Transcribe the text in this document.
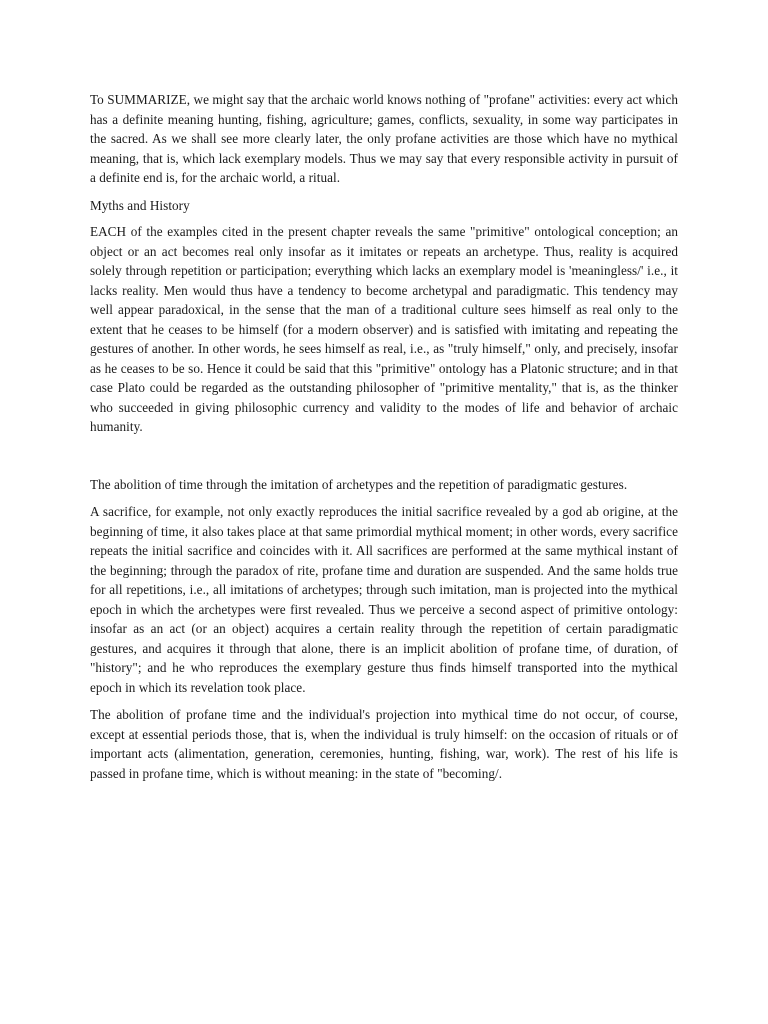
To SUMMARIZE, we might say that the archaic world knows nothing of "profane" activities: every act which has a definite meaning hunting, fishing, agriculture; games, conflicts, sexuality, in some way participates in the sacred. As we shall see more clearly later, the only profane activities are those which have no mythical meaning, that is, which lack exemplary models. Thus we may say that every responsible activity in pursuit of a definite end is, for the archaic world, a ritual.

Myths and History

EACH of the examples cited in the present chapter reveals the same "primitive" ontological conception; an object or an act becomes real only insofar as it imitates or repeats an archetype. Thus, reality is acquired solely through repetition or participation; everything which lacks an exemplary model is 'meaningless/' i.e., it lacks reality. Men would thus have a tendency to become archetypal and paradigmatic. This tendency may well appear paradoxical, in the sense that the man of a traditional culture sees himself as real only to the extent that he ceases to be himself (for a modern observer) and is satisfied with imitating and repeating the gestures of another. In other words, he sees himself as real, i.e., as "truly himself," only, and precisely, insofar as he ceases to be so. Hence it could be said that this "primitive" ontology has a Platonic structure; and in that case Plato could be regarded as the outstanding philosopher of "primitive mentality," that is, as the thinker who succeeded in giving philosophic currency and validity to the modes of life and behavior of archaic humanity.

The abolition of time through the imitation of archetypes and the repetition of paradigmatic gestures.

A sacrifice, for example, not only exactly reproduces the initial sacrifice revealed by a god ab origine, at the beginning of time, it also takes place at that same primordial mythical moment; in other words, every sacrifice repeats the initial sacrifice and coincides with it. All sacrifices are performed at the same mythical instant of the beginning; through the paradox of rite, profane time and duration are suspended. And the same holds true for all repetitions, i.e., all imitations of archetypes; through such imitation, man is projected into the mythical epoch in which the archetypes were first revealed. Thus we perceive a second aspect of primitive ontology: insofar as an act (or an object) acquires a certain reality through the repetition of certain paradigmatic gestures, and acquires it through that alone, there is an implicit abolition of profane time, of duration, of "history"; and he who reproduces the exemplary gesture thus finds himself transported into the mythical epoch in which its revelation took place.

The abolition of profane time and the individual's projection into mythical time do not occur, of course, except at essential periods those, that is, when the individual is truly himself: on the occasion of rituals or of important acts (alimentation, generation, ceremonies, hunting, fishing, war, work). The rest of his life is passed in profane time, which is without meaning: in the state of "becoming/.
